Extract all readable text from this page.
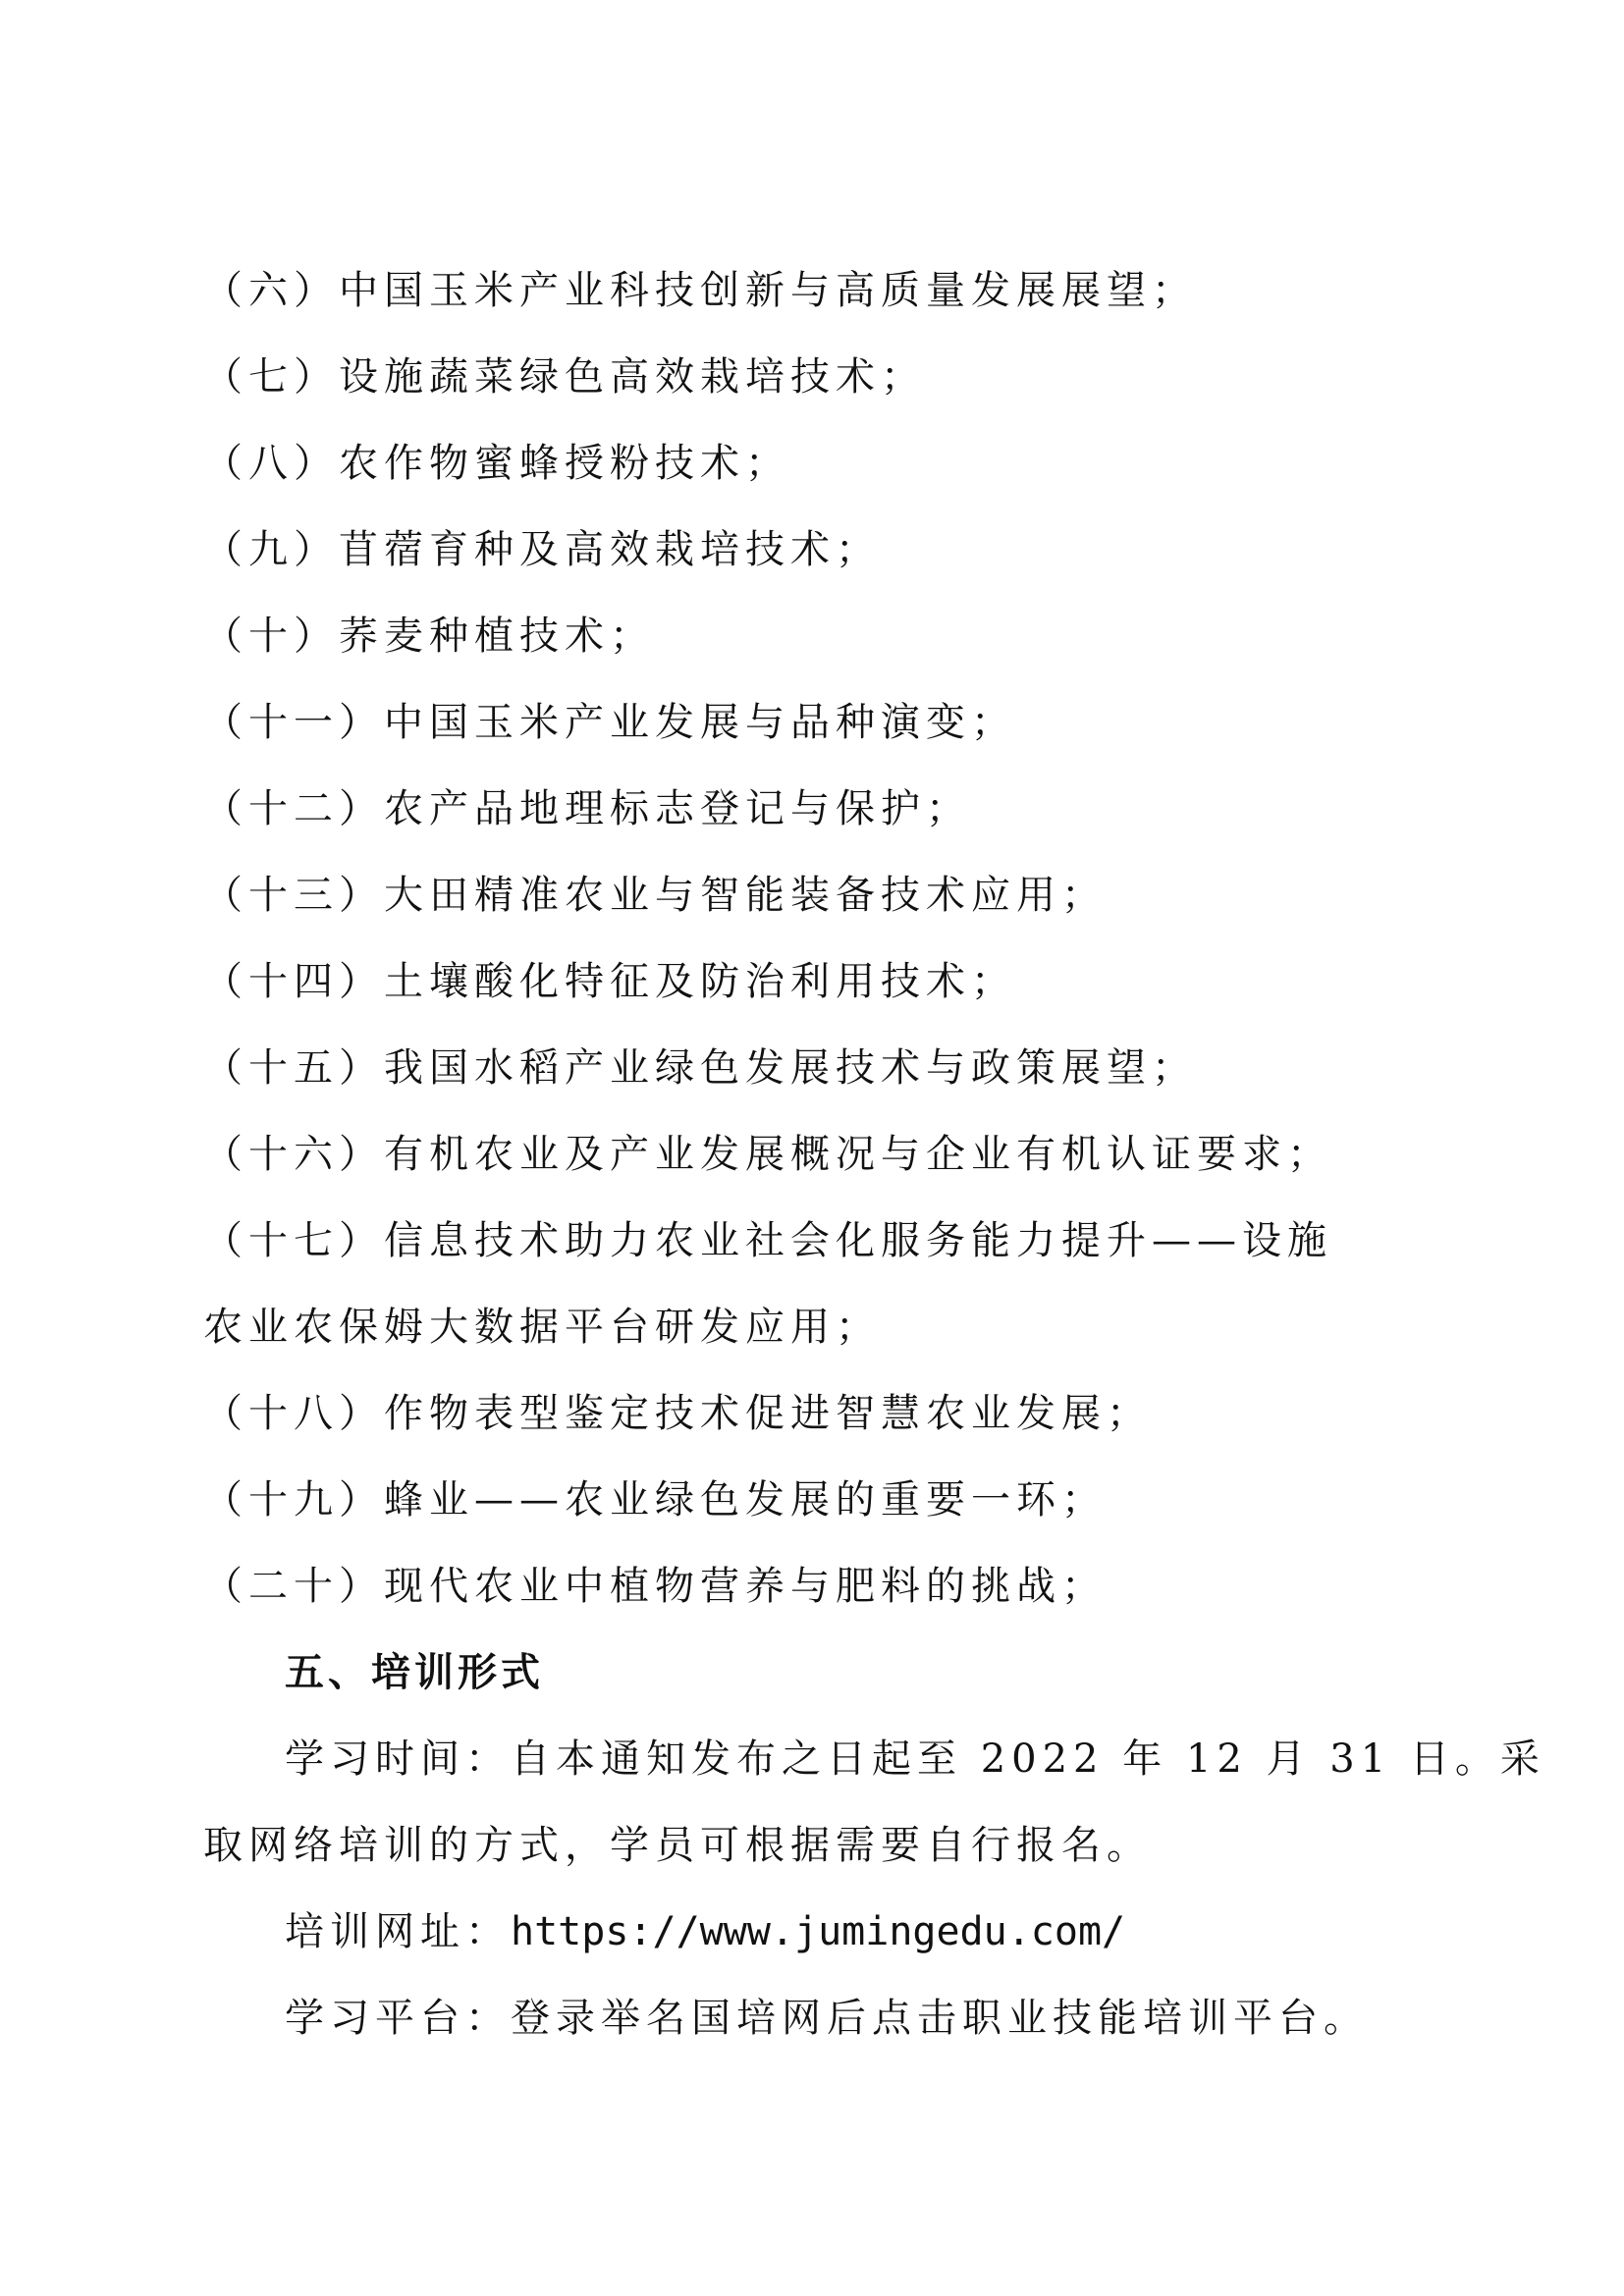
（六）中国玉米产业科技创新与高质量发展展望；
（七）设施蔬菜绿色高效栽培技术；
（八）农作物蜜蜂授粉技术；
（九）苜蓿育种及高效栽培技术；
（十）荞麦种植技术；
（十一）中国玉米产业发展与品种演变；
（十二）农产品地理标志登记与保护；
（十三）大田精准农业与智能装备技术应用；
（十四）土壤酸化特征及防治利用技术；
（十五）我国水稻产业绿色发展技术与政策展望；
（十六）有机农业及产业发展概况与企业有机认证要求；
（十七）信息技术助力农业社会化服务能力提升——设施
农业农保姆大数据平台研发应用；
（十八）作物表型鉴定技术促进智慧农业发展；
（十九）蜂业——农业绿色发展的重要一环；
（二十）现代农业中植物营养与肥料的挑战；
五、培训形式
学习时间：自本通知发布之日起至 2022 年 12 月 31 日。采
取网络培训的方式，学员可根据需要自行报名。
培训网址：https://www.jumingedu.com/
学习平台：登录举名国培网后点击职业技能培训平台。
